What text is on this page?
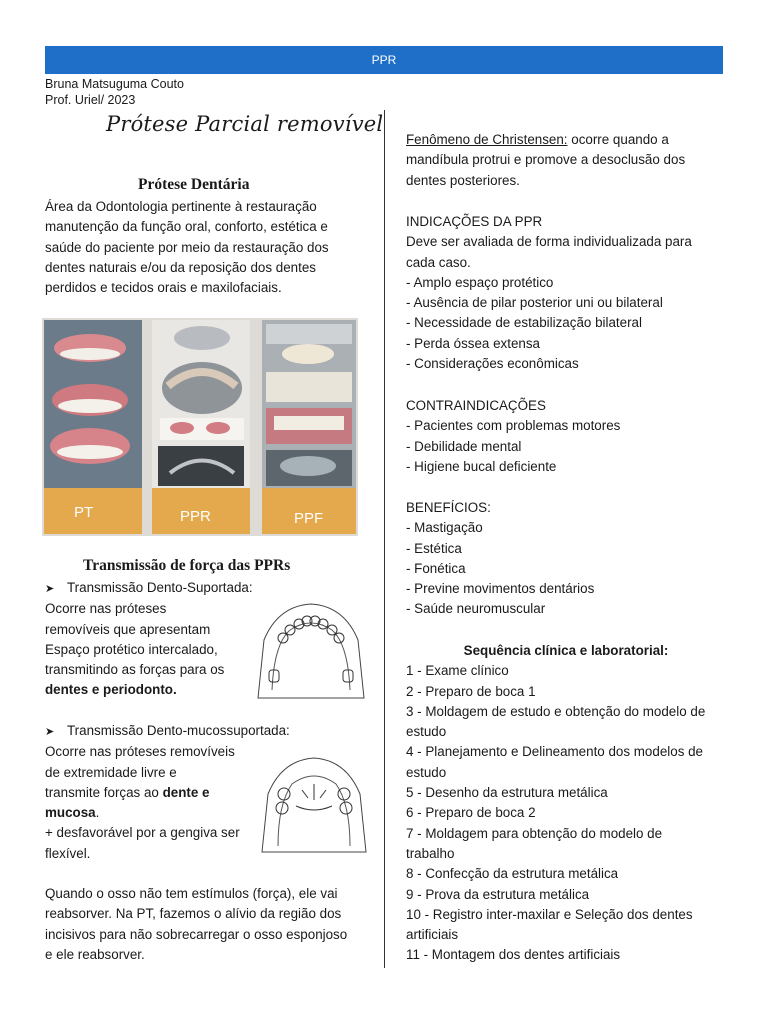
PPR
Bruna Matsuguma Couto
Prof. Uriel/ 2023
Prótese Parcial removível
Prótese Dentária
Área da Odontologia pertinente à restauração
manutenção da função oral, conforto, estética e
saúde do paciente por meio da restauração dos
dentes naturais e/ou da reposição dos dentes
perdidos e tecidos orais e maxilofaciais.
PT	PPR	PPF
Transmissão de força das PPRs
➤ Transmissão Dento-Suportada:
Ocorre nas próteses
removíveis que apresentam
Espaço protético intercalado,
transmitindo as forças para os
dentes e periodonto.
➤ Transmissão Dento-mucossuportada:
Ocorre nas próteses removíveis
de extremidade livre e
transmite forças ao dente e
mucosa.
+ desfavorável por a gengiva ser
flexível.
Quando o osso não tem estímulos (força), ele vai
reabsorver. Na PT, fazemos o alívio da região dos
incisivos para não sobrecarregar o osso esponjoso
e ele reabsorver.
Fenômeno de Christensen: ocorre quando a
mandíbula protrui e promove a desoclusão dos
dentes posteriores.
INDICAÇÕES DA PPR
Deve ser avaliada de forma individualizada para
cada caso.
- Amplo espaço protético
- Ausência de pilar posterior uni ou bilateral
- Necessidade de estabilização bilateral
- Perda óssea extensa
- Considerações econômicas
CONTRAINDICAÇÕES
- Pacientes com problemas motores
- Debilidade mental
- Higiene bucal deficiente
BENEFÍCIOS:
- Mastigação
- Estética
- Fonética
- Previne movimentos dentários
- Saúde neuromuscular
Sequência clínica e laboratorial:
1 - Exame clínico
2 - Preparo de boca 1
3 - Moldagem de estudo e obtenção do modelo de
estudo
4 - Planejamento e Delineamento dos modelos de
estudo
5 - Desenho da estrutura metálica
6 - Preparo de boca 2
7 - Moldagem para obtenção do modelo de
trabalho
8 - Confecção da estrutura metálica
9 - Prova da estrutura metálica
10 - Registro inter-maxilar e Seleção dos dentes
artificiais
11 - Montagem dos dentes artificiais
